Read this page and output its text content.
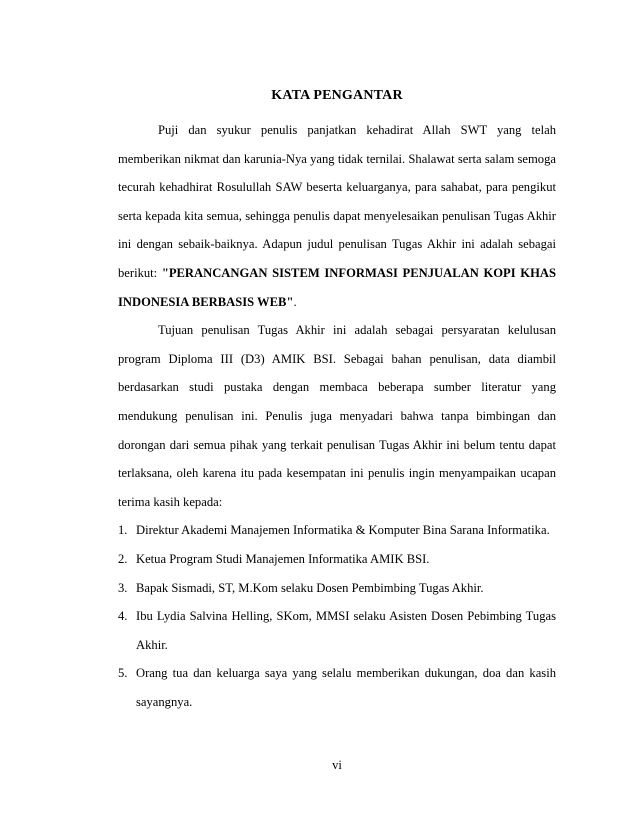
KATA PENGANTAR

Puji dan syukur penulis panjatkan kehadirat Allah SWT yang telah memberikan nikmat dan karunia-Nya yang tidak ternilai. Shalawat serta salam semoga tecurah kehadhirat Rosulullah SAW beserta keluarganya, para sahabat, para pengikut serta kepada kita semua, sehingga penulis dapat menyelesaikan penulisan Tugas Akhir ini dengan sebaik-baiknya. Adapun judul penulisan Tugas Akhir ini adalah sebagai berikut: "PERANCANGAN SISTEM INFORMASI PENJUALAN KOPI KHAS INDONESIA BERBASIS WEB".

Tujuan penulisan Tugas Akhir ini adalah sebagai persyaratan kelulusan program Diploma III (D3) AMIK BSI. Sebagai bahan penulisan, data diambil berdasarkan studi pustaka dengan membaca beberapa sumber literatur yang mendukung penulisan ini. Penulis juga menyadari bahwa tanpa bimbingan dan dorongan dari semua pihak yang terkait penulisan Tugas Akhir ini belum tentu dapat terlaksana, oleh karena itu pada kesempatan ini penulis ingin menyampaikan ucapan terima kasih kepada:

1. Direktur Akademi Manajemen Informatika & Komputer Bina Sarana Informatika.
2. Ketua Program Studi Manajemen Informatika AMIK BSI.
3. Bapak Sismadi, ST, M.Kom selaku Dosen Pembimbing Tugas Akhir.
4. Ibu Lydia Salvina Helling, SKom, MMSI selaku Asisten Dosen Pebimbing Tugas Akhir.
5. Orang tua dan keluarga saya yang selalu memberikan dukungan, doa dan kasih sayangnya.
vi
